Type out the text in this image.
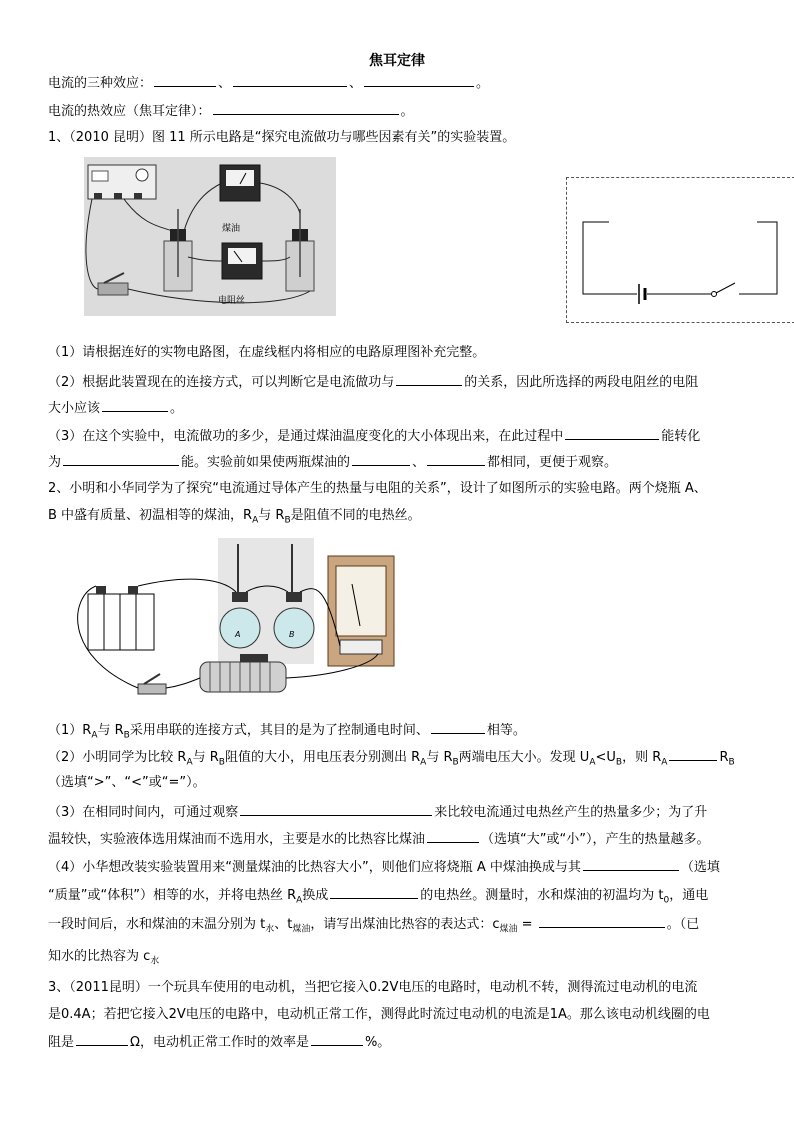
焦耳定律
电流的三种效应：	、	、	。
电流的热效应（焦耳定律）：	。
1、（2010 昆明）图 11 所示电路是“探究电流做功与哪些因素有关”的实验装置。
煤油
电阻丝
（1）请根据连好的实物电路图，在虚线框内将相应的电路原理图补充完整。
（2）根据此装置现在的连接方式，可以判断它是电流做功与	的关系，因此所选择的两段电阻丝的电阻
大小应该	。
（3）在这个实验中，电流做功的多少，是通过煤油温度变化的大小体现出来，在此过程中	能转化
为	能。实验前如果使两瓶煤油的	、	都相同，更便于观察。
2、小明和小华同学为了探究“电流通过导体产生的热量与电阻的关系”，设计了如图所示的实验电路。两个烧瓶 A、
B 中盛有质量、初温相等的煤油，$R_A$与 $R_B$是阻值不同的电热丝。
A	B
$(1)R_A$与 $R_B$采用串联的连接方式，其目的是为了控制通电时间、	相等。
（2）小明同学为比较 $R_A$与 $R_B$阻值的大小，用电压表分别测出 $R_A$与 $R_B$两端电压大小。发现 $U_A<U_B$，则 $R_A$	$R_B$
（选填“>”、“<”或“=”）。
（3）在相同时间内，可通过观察	来比较电流通过电热丝产生的热量多少；为了升
温较快，实验液体选用煤油而不选用水，主要是水的比热容比煤油	（选填“大”或“小”），产生的热量越多。
（4）小华想改装实验装置用来“测量煤油的比热容大小”，则他们应将烧瓶 A 中煤油换成与其	（选填
“质量”或“体积”）相等的水，并将电热丝 $R_A$换成	的电热丝。测量时，水和煤油的初温均为 $t_0$，通电
一段时间后，水和煤油的末温分别为 $t_水$、$t_{煤油}$，请写出煤油比热容的表达式：$c_{煤油}$ =	。（已
知水的比热容为 $c_水$
3、（2011昆明）一个玩具车使用的电动机，当把它接入0.2V电压的电路时，电动机不转，测得流过电动机的电流
是0.4A；若把它接入2V电压的电路中，电动机正常工作，测得此时流过电动机的电流是1A。那么该电动机线圈的电
阻是	Ω，电动机正常工作时的效率是	%。
